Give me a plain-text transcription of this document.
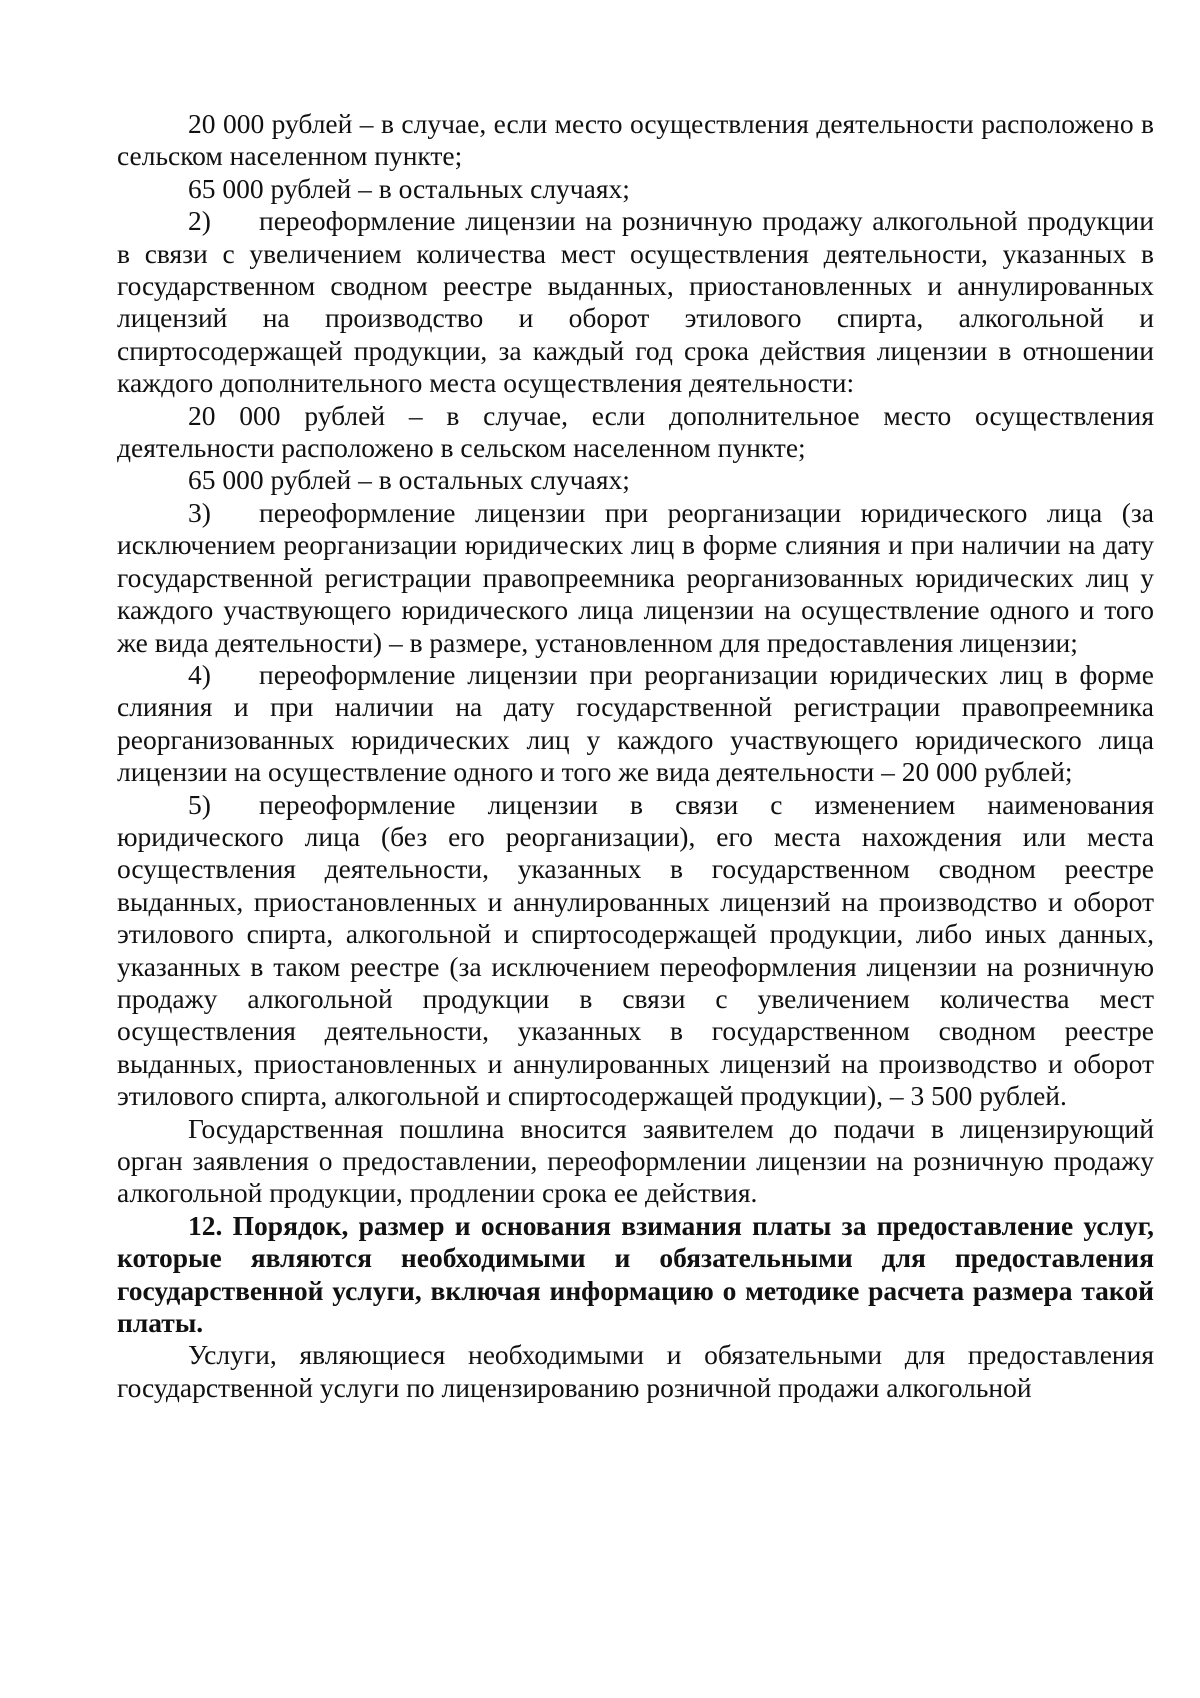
20 000 рублей – в случае, если место осуществления деятельности расположено в сельском населенном пункте;

65 000 рублей – в остальных случаях;

2) переоформление лицензии на розничную продажу алкогольной продукции в связи с увеличением количества мест осуществления деятельности, указанных в государственном сводном реестре выданных, приостановленных и аннулированных лицензий на производство и оборот этилового спирта, алкогольной и спиртосодержащей продукции, за каждый год срока действия лицензии в отношении каждого дополнительного места осуществления деятельности:

20 000 рублей – в случае, если дополнительное место осуществления деятельности расположено в сельском населенном пункте;

65 000 рублей – в остальных случаях;

3) переоформление лицензии при реорганизации юридического лица (за исключением реорганизации юридических лиц в форме слияния и при наличии на дату государственной регистрации правопреемника реорганизованных юридических лиц у каждого участвующего юридического лица лицензии на осуществление одного и того же вида деятельности) – в размере, установленном для предоставления лицензии;

4) переоформление лицензии при реорганизации юридических лиц в форме слияния и при наличии на дату государственной регистрации правопреемника реорганизованных юридических лиц у каждого участвующего юридического лица лицензии на осуществление одного и того же вида деятельности – 20 000 рублей;

5) переоформление лицензии в связи с изменением наименования юридического лица (без его реорганизации), его места нахождения или места осуществления деятельности, указанных в государственном сводном реестре выданных, приостановленных и аннулированных лицензий на производство и оборот этилового спирта, алкогольной и спиртосодержащей продукции, либо иных данных, указанных в таком реестре (за исключением переоформления лицензии на розничную продажу алкогольной продукции в связи с увеличением количества мест осуществления деятельности, указанных в государственном сводном реестре выданных, приостановленных и аннулированных лицензий на производство и оборот этилового спирта, алкогольной и спиртосодержащей продукции), – 3 500 рублей.

Государственная пошлина вносится заявителем до подачи в лицензирующий орган заявления о предоставлении, переоформлении лицензии на розничную продажу алкогольной продукции, продлении срока ее действия.

12. Порядок, размер и основания взимания платы за предоставление услуг, которые являются необходимыми и обязательными для предоставления государственной услуги, включая информацию о методике расчета размера такой платы.

Услуги, являющиеся необходимыми и обязательными для предоставления государственной услуги по лицензированию розничной продажи алкогольной
